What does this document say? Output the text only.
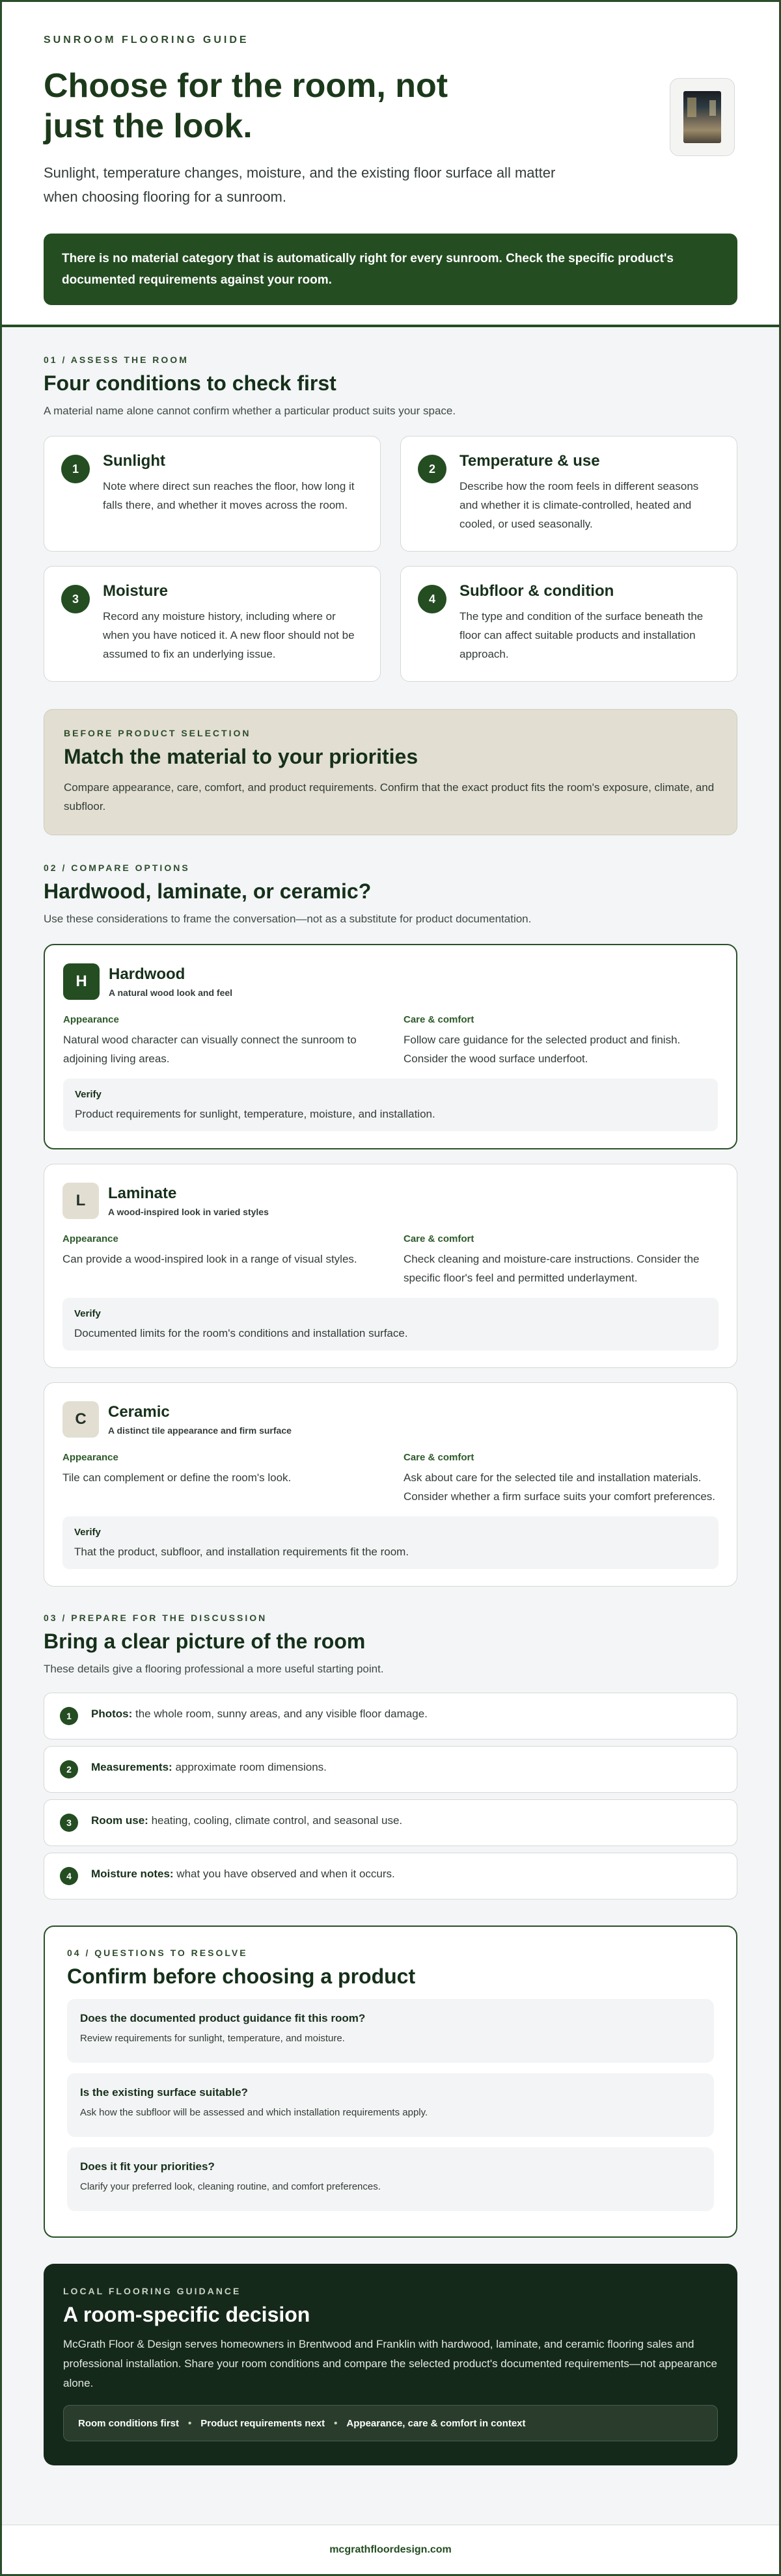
SUNROOM FLOORING GUIDE
Choose for the room, not just the look.

Sunlight, temperature changes, moisture, and the existing floor surface all matter when choosing flooring for a sunroom.

There is no material category that is automatically right for every sunroom. Check the specific product's documented requirements against your room.
01 / ASSESS THE ROOM
Four conditions to check first

A material name alone cannot confirm whether a particular product suits your space.

1	Sunlight

Note where direct sun reaches the floor, how long it falls there, and whether it moves across the room.

2	Temperature & use

Describe how the room feels in different seasons and whether it is climate-controlled, heated and cooled, or used seasonally.

3	Moisture

Record any moisture history, including where or when you have noticed it. A new floor should not be assumed to fix an underlying issue.

4	Subfloor & condition

The type and condition of the surface beneath the floor can affect suitable products and installation approach.

BEFORE PRODUCT SELECTION
Match the material to your priorities

Compare appearance, care, comfort, and product requirements. Confirm that the exact product fits the room's exposure, climate, and subfloor.

02 / COMPARE OPTIONS
Hardwood, laminate, or ceramic?

Use these considerations to frame the conversation—not as a substitute for product documentation.

H	Hardwood
A natural wood look and feel
Appearance

Natural wood character can visually connect the sunroom to adjoining living areas.

Care & comfort

Follow care guidance for the selected product and finish. Consider the wood surface underfoot.

Verify

Product requirements for sunlight, temperature, moisture, and installation.

L	Laminate
A wood-inspired look in varied styles
Appearance

Can provide a wood-inspired look in a range of visual styles.

Care & comfort

Check cleaning and moisture-care instructions. Consider the specific floor's feel and permitted underlayment.

Verify

Documented limits for the room's conditions and installation surface.

C	Ceramic
A distinct tile appearance and firm surface
Appearance

Tile can complement or define the room's look.

Care & comfort

Ask about care for the selected tile and installation materials. Consider whether a firm surface suits your comfort preferences.

Verify

That the product, subfloor, and installation requirements fit the room.

03 / PREPARE FOR THE DISCUSSION
Bring a clear picture of the room

These details give a flooring professional a more useful starting point.

1	Photos: the whole room, sunny areas, and any visible floor damage.
2	Measurements: approximate room dimensions.
3	Room use: heating, cooling, climate control, and seasonal use.
4	Moisture notes: what you have observed and when it occurs.
04 / QUESTIONS TO RESOLVE
Confirm before choosing a product
Does the documented product guidance fit this room?

Review requirements for sunlight, temperature, and moisture.

Is the existing surface suitable?

Ask how the subfloor will be assessed and which installation requirements apply.

Does it fit your priorities?

Clarify your preferred look, cleaning routine, and comfort preferences.

LOCAL FLOORING GUIDANCE
A room-specific decision

McGrath Floor & Design serves homeowners in Brentwood and Franklin with hardwood, laminate, and ceramic flooring sales and professional installation. Share your room conditions and compare the selected product's documented requirements—not appearance alone.

Room conditions first • Product requirements next • Appearance, care & comfort in context
mcgrathfloordesign.com
